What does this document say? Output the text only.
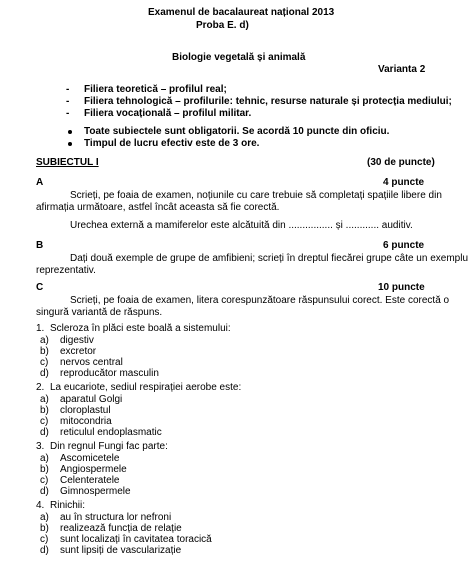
Examenul de bacalaureat național 2013
Proba E. d)
Biologie vegetală și animală
Varianta 2
- Filiera teoretică – profilul real;
- Filiera tehnologică – profilurile: tehnic, resurse naturale și protecția mediului;
- Filiera vocațională – profilul militar.
Toate subiectele sunt obligatorii. Se acordă 10 puncte din oficiu.
Timpul de lucru efectiv este de 3 ore.
SUBIECTUL I	(30 de puncte)
A	4 puncte
Scrieți, pe foaia de examen, noțiunile cu care trebuie să completați spațiile libere din
afirmația următoare, astfel încât aceasta să fie corectă.
Urechea externă a mamiferelor este alcătuită din ................ și ............ auditiv.
B	6 puncte
Dați două exemple de grupe de amfibieni; scrieți în dreptul fiecărei grupe câte un exemplu
reprezentativ.
C	10 puncte
Scrieți, pe foaia de examen, litera corespunzătoare răspunsului corect. Este corectă o
singură variantă de răspuns.
1. Scleroza în plăci este boală a sistemului:
a) digestiv
b) excretor
c) nervos central
d) reproducător masculin
2. La eucariote, sediul respirației aerobe este:
a) aparatul Golgi
b) cloroplastul
c) mitocondria
d) reticulul endoplasmatic
3. Din regnul Fungi fac parte:
a) Ascomicetele
b) Angiospermele
c) Celenteratele
d) Gimnospermele
4. Rinichii:
a) au în structura lor nefroni
b) realizează funcția de relație
c) sunt localizați în cavitatea toracică
d) sunt lipsiți de vascularizație
